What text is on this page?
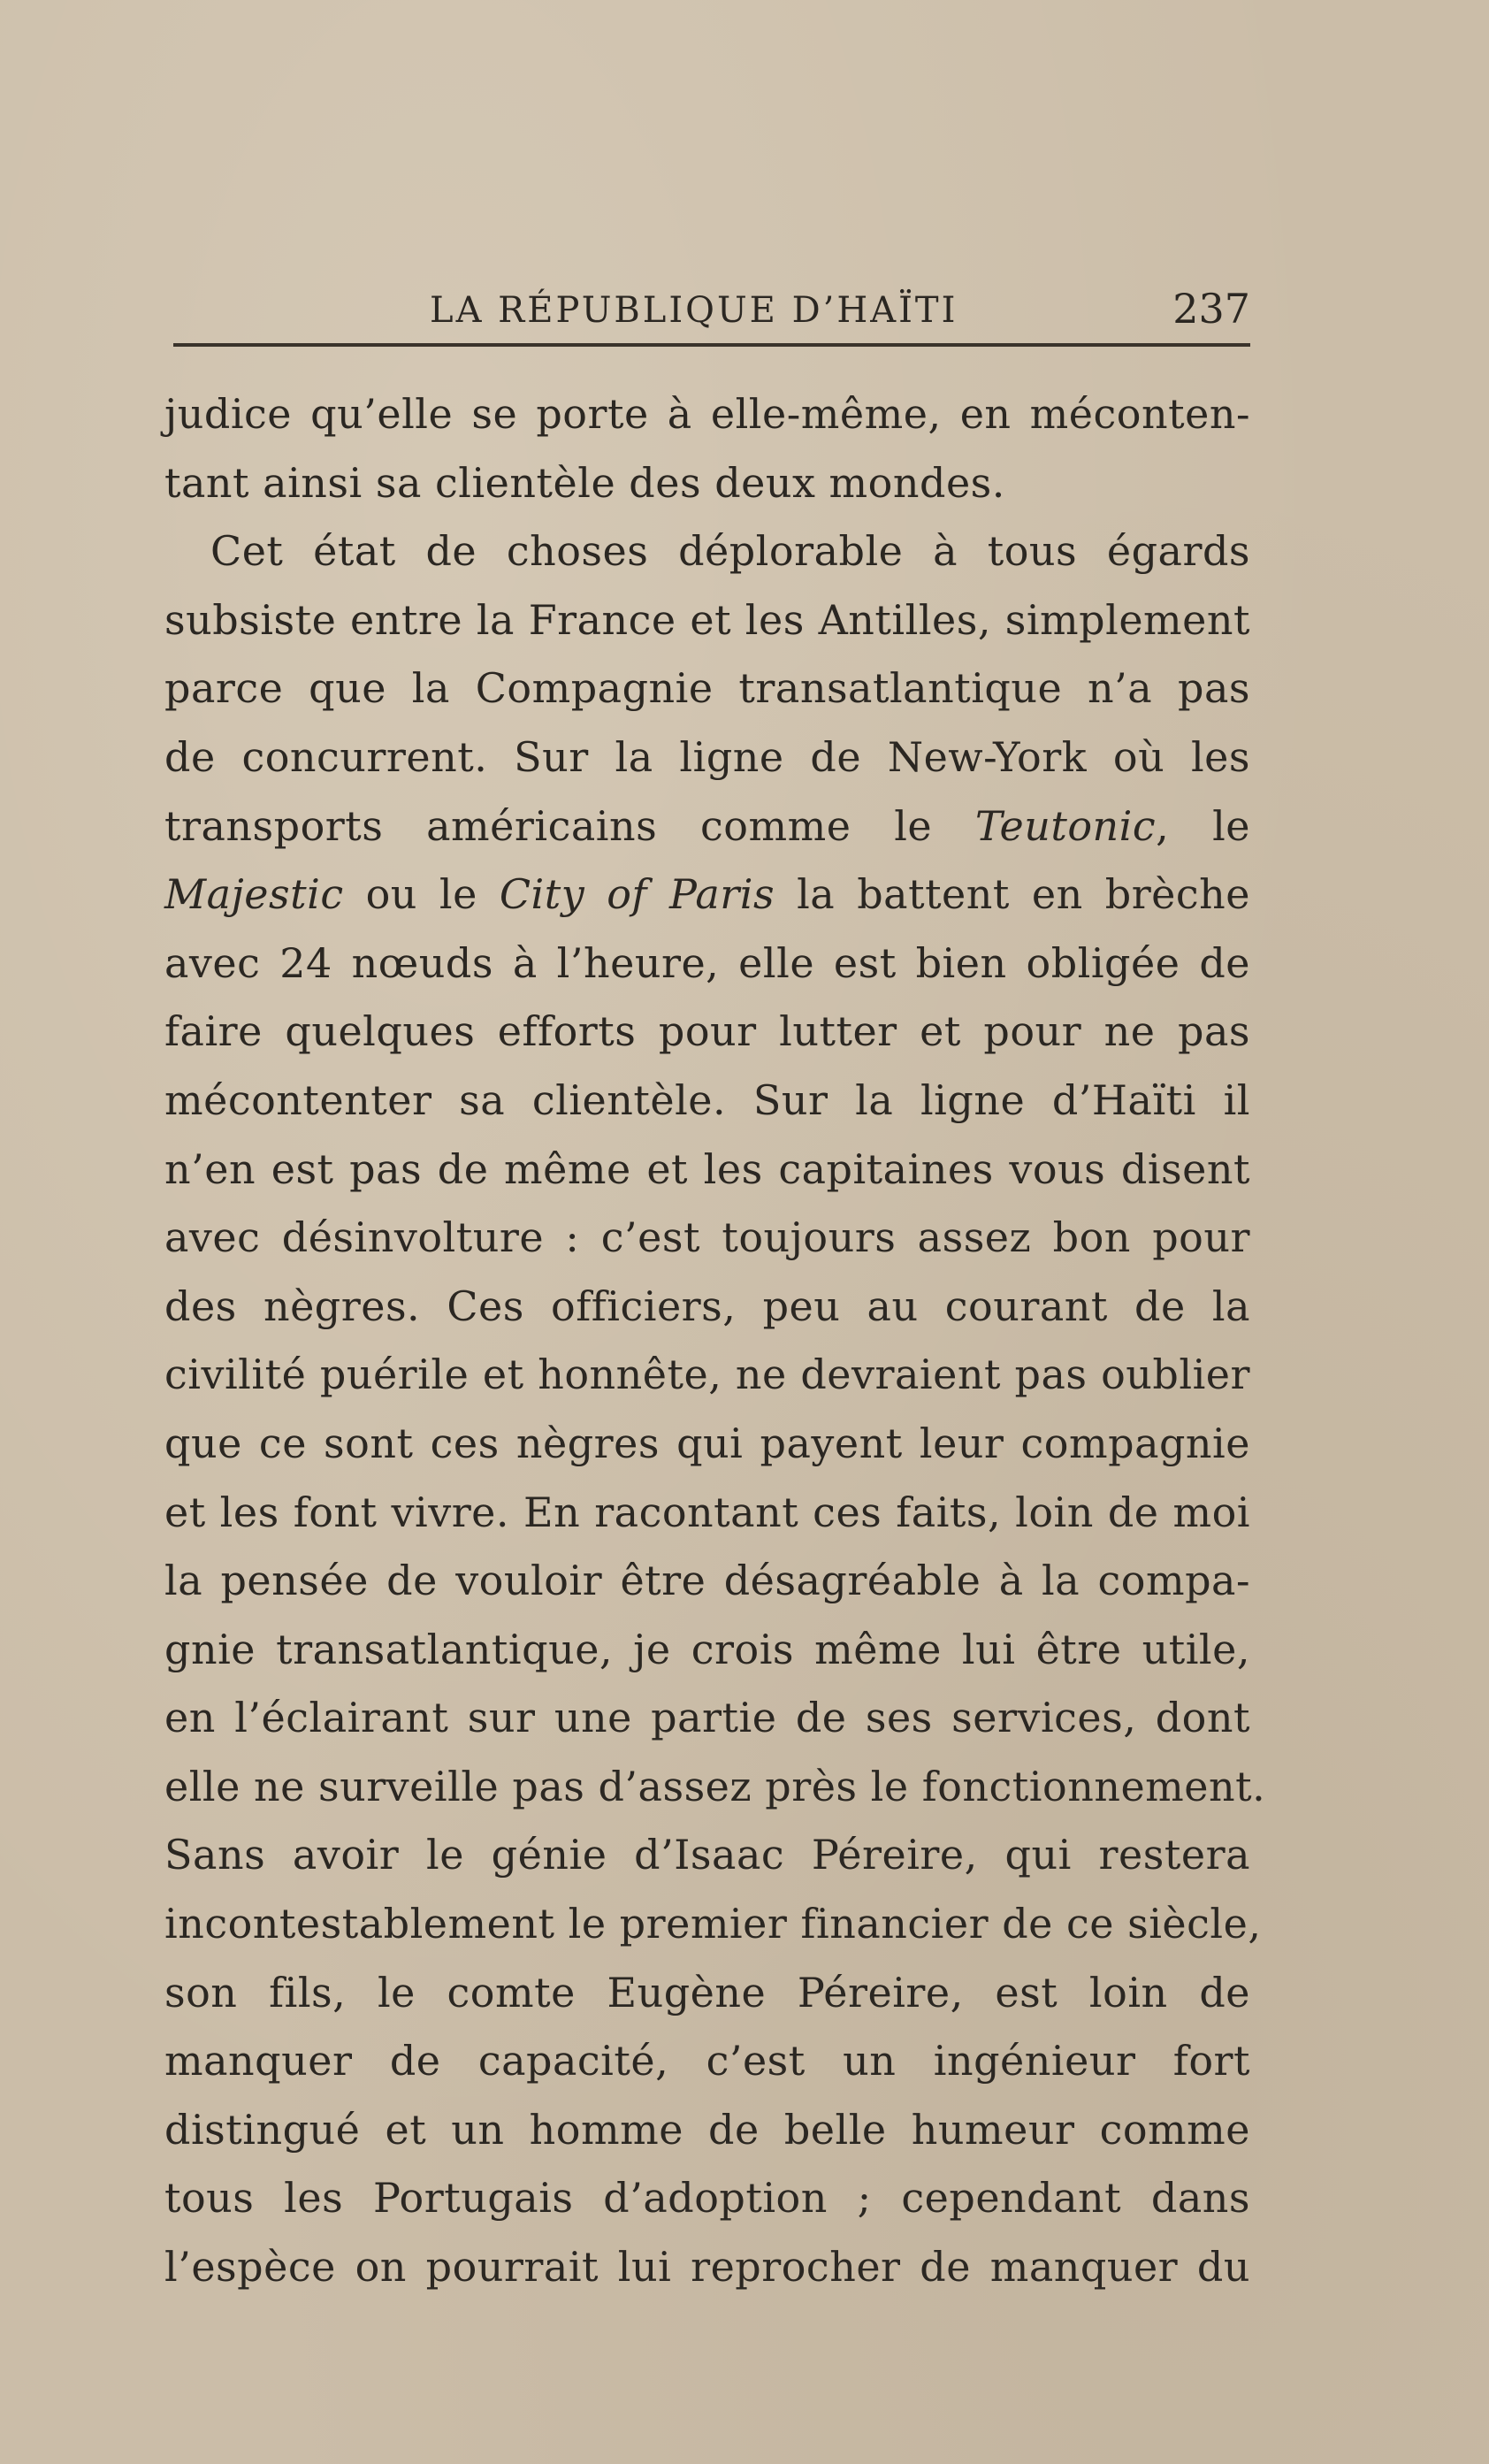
LA RÉPUBLIQUE D’HAÏTI	237
judice qu’elle se porte à elle-même, en méconten-
tant ainsi sa clientèle des deux mondes.
Cet état de choses déplorable à tous égards
subsiste entre la France et les Antilles, simplement
parce que la Compagnie transatlantique n’a pas
de concurrent. Sur la ligne de New-York où les
transports américains comme le Teutonic, le
Majestic ou le City of Paris la battent en brèche
avec 24 nœuds à l’heure, elle est bien obligée de
faire quelques efforts pour lutter et pour ne pas
mécontenter sa clientèle. Sur la ligne d’Haïti il
n’en est pas de même et les capitaines vous disent
avec désinvolture : c’est toujours assez bon pour
des nègres. Ces officiers, peu au courant de la
civilité puérile et honnête, ne devraient pas oublier
que ce sont ces nègres qui payent leur compagnie
et les font vivre. En racontant ces faits, loin de moi
la pensée de vouloir être désagréable à la compa-
gnie transatlantique, je crois même lui être utile,
en l’éclairant sur une partie de ses services, dont
elle ne surveille pas d’assez près le fonctionnement.
Sans avoir le génie d’Isaac Péreire, qui restera
incontestablement le premier financier de ce siècle,
son fils, le comte Eugène Péreire, est loin de
manquer de capacité, c’est un ingénieur fort
distingué et un homme de belle humeur comme
tous les Portugais d’adoption ; cependant dans
l’espèce on pourrait lui reprocher de manquer du
